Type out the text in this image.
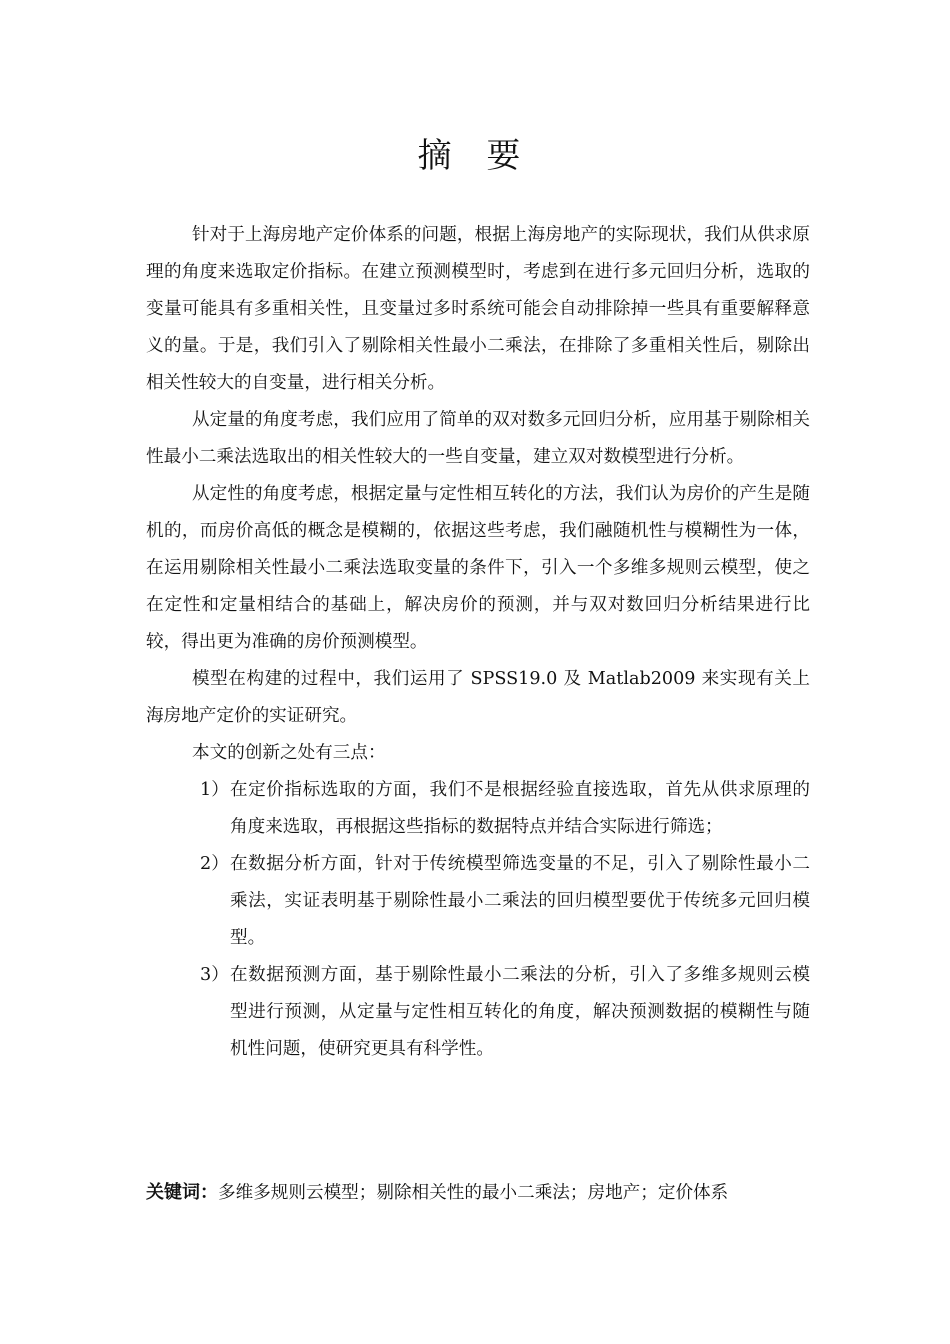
摘 要

针对于上海房地产定价体系的问题，根据上海房地产的实际现状，我们从供求原理的角度来选取定价指标。在建立预测模型时，考虑到在进行多元回归分析，选取的变量可能具有多重相关性，且变量过多时系统可能会自动排除掉一些具有重要解释意义的量。于是，我们引入了剔除相关性最小二乘法，在排除了多重相关性后，剔除出相关性较大的自变量，进行相关分析。

从定量的角度考虑，我们应用了简单的双对数多元回归分析，应用基于剔除相关性最小二乘法选取出的相关性较大的一些自变量，建立双对数模型进行分析。

从定性的角度考虑，根据定量与定性相互转化的方法，我们认为房价的产生是随机的，而房价高低的概念是模糊的，依据这些考虑，我们融随机性与模糊性为一体，在运用剔除相关性最小二乘法选取变量的条件下，引入一个多维多规则云模型，使之在定性和定量相结合的基础上，解决房价的预测，并与双对数回归分析结果进行比较，得出更为准确的房价预测模型。

模型在构建的过程中，我们运用了 SPSS19.0 及 Matlab2009 来实现有关上海房地产定价的实证研究。

本文的创新之处有三点：

1） 在定价指标选取的方面，我们不是根据经验直接选取，首先从供求原理的角度来选取，再根据这些指标的数据特点并结合实际进行筛选；
2） 在数据分析方面，针对于传统模型筛选变量的不足，引入了剔除性最小二乘法，实证表明基于剔除性最小二乘法的回归模型要优于传统多元回归模型。
3） 在数据预测方面，基于剔除性最小二乘法的分析，引入了多维多规则云模型进行预测，从定量与定性相互转化的角度，解决预测数据的模糊性与随机性问题，使研究更具有科学性。
关键词：多维多规则云模型；剔除相关性的最小二乘法；房地产；定价体系
